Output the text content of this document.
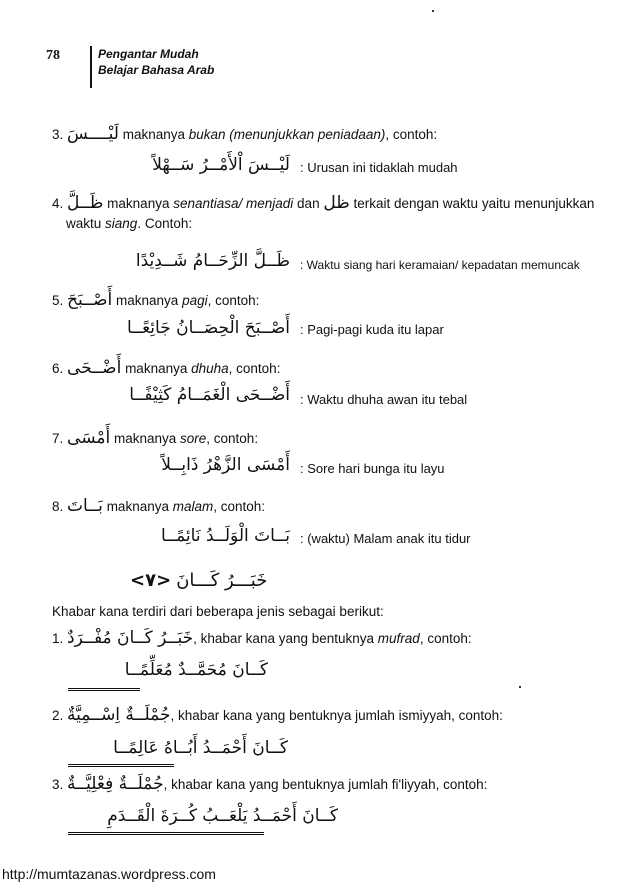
78	Pengantar Mudah
Belajar Bahasa Arab
3. لَيْــــسَ maknanya bukan (menunjukkan peniadaan), contoh:
لَيْــسَ اْلأَمْــرُ سَــهْلاً : Urusan ini tidaklah mudah
4. ظَــلَّ maknanya senantiasa/ menjadi dan ظل terkait dengan waktu yaitu menunjukkan
waktu siang. Contoh:
ظَــلَّ الزِّحَــامُ شَــدِيْدًا : Waktu siang hari keramaian/ kepadatan memuncak
5. أَصْــبَحَ maknanya pagi, contoh:
أَصْــبَحَ الْحِصَــانُ جَائِعًــا : Pagi-pagi kuda itu lapar
6. أَضْــحَى maknanya dhuha, contoh:
أَضْــحَى الْغَمَــامُ كَثِيْفًــا : Waktu dhuha awan itu tebal
7. أَمْسَى maknanya sore, contoh:
أَمْسَى الزَّهْرُ ذَابِــلاً : Sore hari bunga itu layu
8. بَــاتَ maknanya malam, contoh:
بَــاتَ الْوَلَــدُ نَائِمًــا : (waktu) Malam anak itu tidur
<٧> خَبَـــرُ كَـــانَ
Khabar kana terdiri dari beberapa jenis sebagai berikut:
1. خَبَــرُ كَــانَ مُفْــرَدٌ, khabar kana yang bentuknya mufrad, contoh:
كَــانَ مُحَمَّــدٌ مُعَلِّمًــا
2. جُمْلَــةٌ اِسْــمِيَّةٌ, khabar kana yang bentuknya jumlah ismiyyah, contoh:
كَــانَ أَحْمَــدُ أَبُــاهُ عَالِمًــا
3. جُمْلَــةٌ فِعْلِيَّــةٌ, khabar kana yang bentuknya jumlah fi'liyyah, contoh:
كَــانَ أَحْمَــدُ يَلْعَــبُ كُــرَةَ الْقَــدَمِ
http://mumtazanas.wordpress.com
